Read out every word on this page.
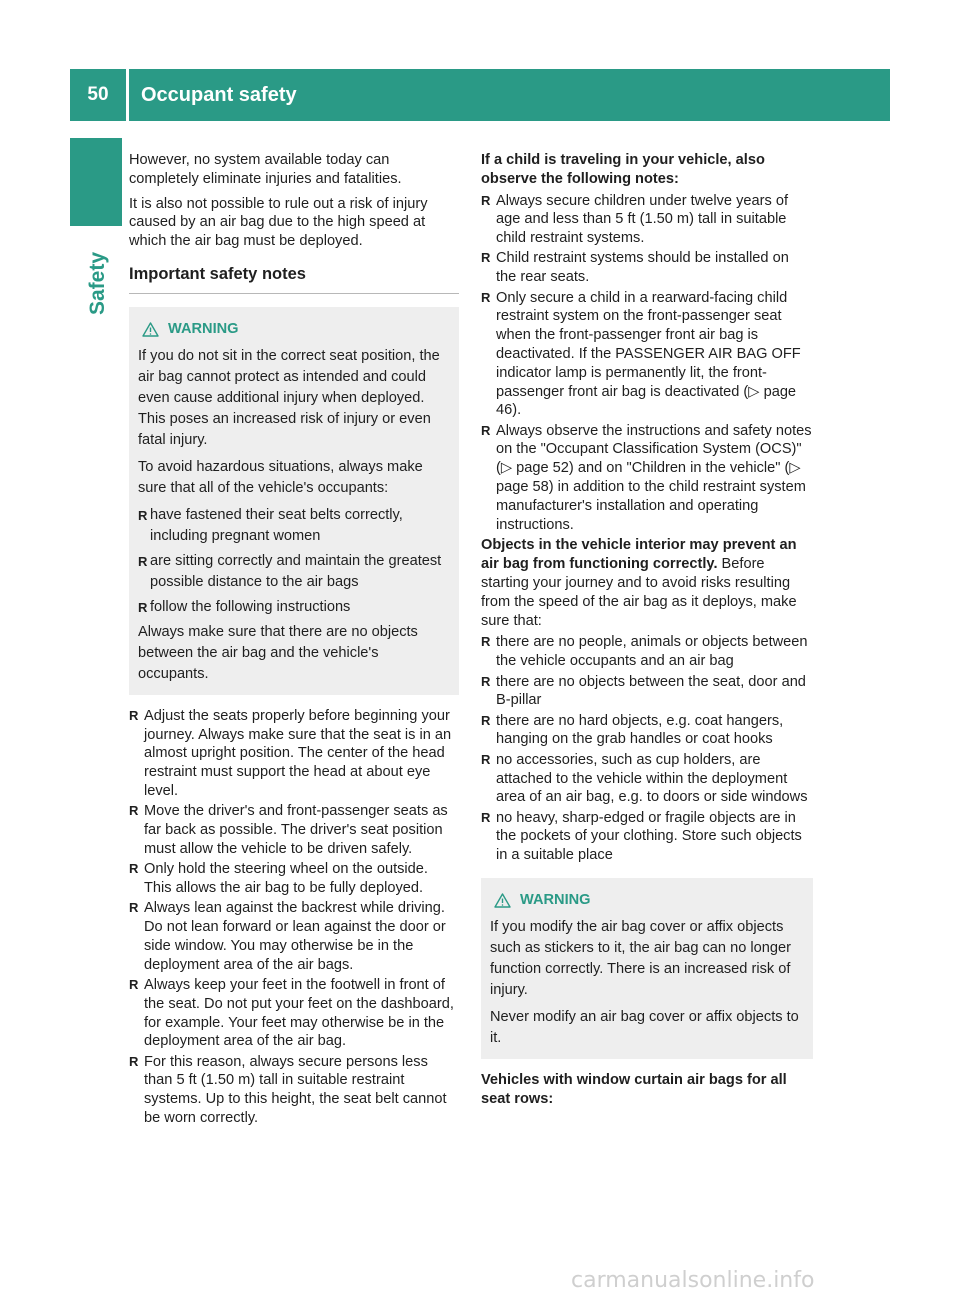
50	Occupant safety
Safety

However, no system available today can completely eliminate injuries and fatalities.

It is also not possible to rule out a risk of injury caused by an air bag due to the high speed at which the air bag must be deployed.

Important safety notes
WARNING

If you do not sit in the correct seat position, the air bag cannot protect as intended and could even cause additional injury when deployed. This poses an increased risk of injury or even fatal injury.

To avoid hazardous situations, always make sure that all of the vehicle's occupants:

R have fastened their seat belts correctly, including pregnant women
R are sitting correctly and maintain the greatest possible distance to the air bags
R follow the following instructions

Always make sure that there are no objects between the air bag and the vehicle's occupants.

R Adjust the seats properly before beginning your journey. Always make sure that the seat is in an almost upright position. The center of the head restraint must support the head at about eye level.
R Move the driver's and front-passenger seats as far back as possible. The driver's seat position must allow the vehicle to be driven safely.
R Only hold the steering wheel on the outside. This allows the air bag to be fully deployed.
R Always lean against the backrest while driving. Do not lean forward or lean against the door or side window. You may otherwise be in the deployment area of the air bags.
R Always keep your feet in the footwell in front of the seat. Do not put your feet on the dashboard, for example. Your feet may otherwise be in the deployment area of the air bag.
R For this reason, always secure persons less than 5 ft (1.50 m) tall in suitable restraint systems. Up to this height, the seat belt cannot be worn correctly.

If a child is traveling in your vehicle, also observe the following notes:

R Always secure children under twelve years of age and less than 5 ft (1.50 m) tall in suitable child restraint systems.
R Child restraint systems should be installed on the rear seats.
R Only secure a child in a rearward-facing child restraint system on the front-passenger seat when the front-passenger front air bag is deactivated. If the PASSENGER AIR BAG OFF indicator lamp is permanently lit, the front-passenger front air bag is deactivated (▷ page 46).
R Always observe the instructions and safety notes on the "Occupant Classification System (OCS)" (▷ page 52) and on "Children in the vehicle" (▷ page 58) in addition to the child restraint system manufacturer's installation and operating instructions.

Objects in the vehicle interior may prevent an air bag from functioning correctly. Before starting your journey and to avoid risks resulting from the speed of the air bag as it deploys, make sure that:

R there are no people, animals or objects between the vehicle occupants and an air bag
R there are no objects between the seat, door and B-pillar
R there are no hard objects, e.g. coat hangers, hanging on the grab handles or coat hooks
R no accessories, such as cup holders, are attached to the vehicle within the deployment area of an air bag, e.g. to doors or side windows
R no heavy, sharp-edged or fragile objects are in the pockets of your clothing. Store such objects in a suitable place
WARNING

If you modify the air bag cover or affix objects such as stickers to it, the air bag can no longer function correctly. There is an increased risk of injury.

Never modify an air bag cover or affix objects to it.

Vehicles with window curtain air bags for all seat rows:

carmanualsonline.info
